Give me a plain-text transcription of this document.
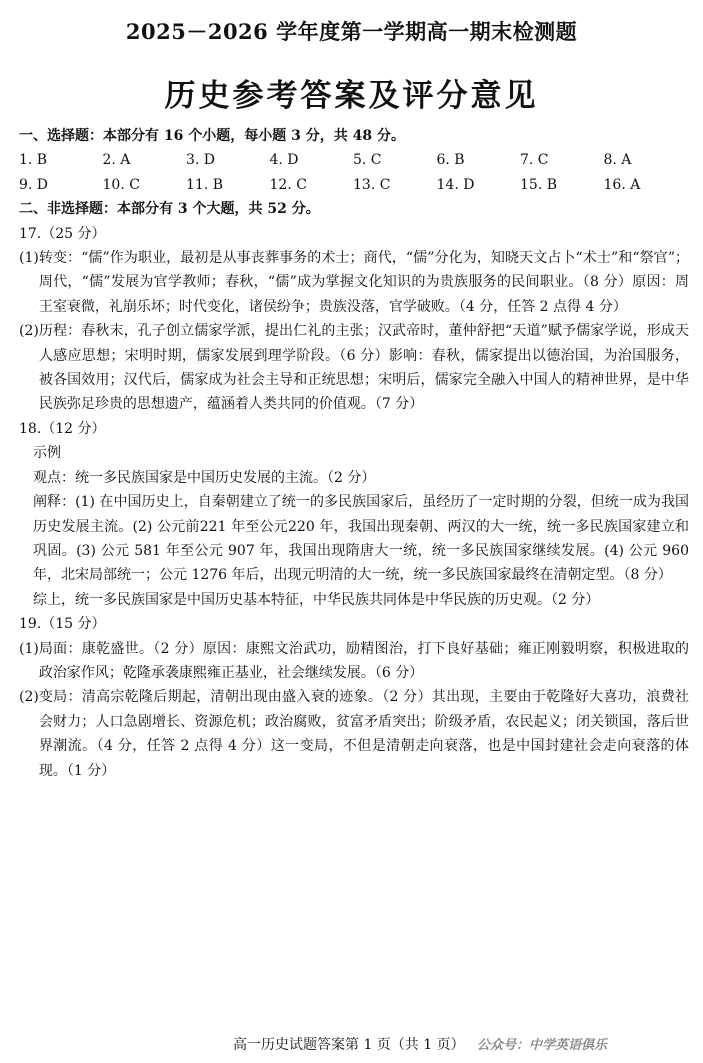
2025－2026 学年度第一学期高一期末检测题
历史参考答案及评分意见
一、选择题：本部分有 16 个小题，每小题 3 分，共 48 分。
1. B	2. A	3. D	4. D	5. C	6. B	7. C	8. A
9. D	10. C	11. B	12. C	13. C	14. D	15. B	16. A
二、非选择题：本部分有 3 个大题，共 52 分。
17.（25 分）
(1) 转变：“儒”作为职业，最初是从事丧葬事务的术士；商代，“儒”分化为，知晓天文占卜“术士”和“祭官”；周代，“儒”发展为官学教师；春秋，“儒”成为掌握文化知识的为贵族服务的民间职业。（8 分）原因：周王室衰微，礼崩乐坏；时代变化，诸侯纷争；贵族没落，官学破败。（4 分，任答 2 点得 4 分）
(2) 历程：春秋末，孔子创立儒家学派，提出仁礼的主张；汉武帝时，董仲舒把“天道”赋予儒家学说，形成天人感应思想；宋明时期，儒家发展到理学阶段。（6 分）影响：春秋，儒家提出以德治国，为治国服务，被各国效用；汉代后，儒家成为社会主导和正统思想；宋明后，儒家完全融入中国人的精神世界，是中华民族弥足珍贵的思想遗产，蕴涵着人类共同的价值观。（7 分）
18.（12 分）
示例
观点：统一多民族国家是中国历史发展的主流。（2 分）
阐释：(1) 在中国历史上，自秦朝建立了统一的多民族国家后，虽经历了一定时期的分裂，但统一成为我国历史发展主流。(2) 公元前221 年至公元220 年，我国出现秦朝、两汉的大一统，统一多民族国家建立和巩固。(3) 公元 581 年至公元 907 年，我国出现隋唐大一统，统一多民族国家继续发展。(4) 公元 960 年，北宋局部统一；公元 1276 年后，出现元明清的大一统，统一多民族国家最终在清朝定型。（8 分）
综上，统一多民族国家是中国历史基本特征，中华民族共同体是中华民族的历史观。（2 分）
19.（15 分）
(1) 局面：康乾盛世。（2 分）原因：康熙文治武功，励精图治，打下良好基础；雍正刚毅明察，积极进取的政治家作风；乾隆承袭康熙雍正基业，社会继续发展。（6 分）
(2) 变局：清高宗乾隆后期起，清朝出现由盛入衰的迹象。（2 分）其出现，主要由于乾隆好大喜功，浪费社会财力；人口急剧增长、资源危机；政治腐败，贫富矛盾突出；阶级矛盾，农民起义；闭关锁国，落后世界潮流。（4 分，任答 2 点得 4 分）这一变局，不但是清朝走向衰落，也是中国封建社会走向衰落的体现。（1 分）
高一历史试题答案第 1 页（共 1 页） 公众号：中学英语俱乐
